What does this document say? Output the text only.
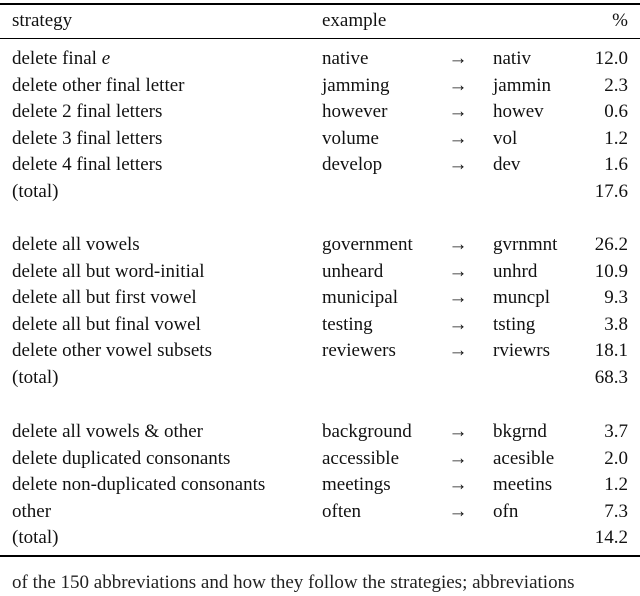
strategy	example	%
delete final e	native	→ nativ	12.0
delete other final letter	jamming	→ jammin	2.3
delete 2 final letters	however	→ howev	0.6
delete 3 final letters	volume	→ vol	1.2
delete 4 final letters	develop	→ dev	1.6
(total)	17.6
delete all vowels	government → gvrnmnt 26.2
delete all but word-initial	unheard	→ unhrd	10.9
delete all but first vowel	municipal	→ muncpl	9.3
delete all but final vowel	testing	→ tsting	3.8
delete other vowel subsets	reviewers	→ rviewrs 18.1
(total)	68.3
delete all vowels & other	background → bkgrnd	3.7
delete duplicated consonants	accessible	→ acesible	2.0
delete non-duplicated consonants	meetings	→ meetins	1.2
other	often	→ ofn	7.3
(total)	14.2
of the 150 abbreviations and how they follow the strategies; abbreviations
